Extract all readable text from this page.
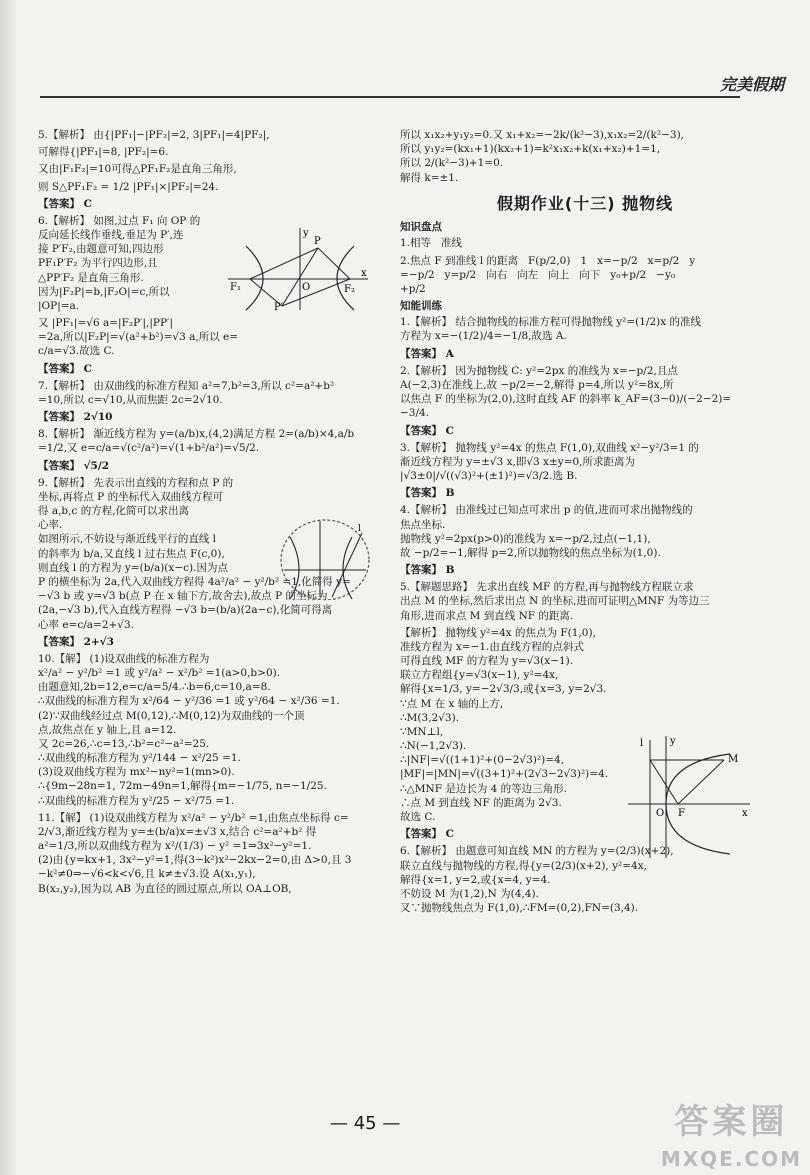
完美假期
5.【解析】 由{|PF₁|−|PF₂|=2, 3|PF₁|=4|PF₂|,
可解得{|PF₁|=8, |PF₂|=6.
又由|F₁F₂|=10可得△PF₁F₂是直角三角形,
则 S△PF₁F₂ = 1/2 |PF₁|×|PF₂|=24.
【答案】 C
6.【解析】 如图,过点 F₁ 向 OP 的
反向延长线作垂线,垂足为 P′,连
接 P′F₂,由题意可知,四边形
PF₁P′F₂ 为平行四边形,且
△PP′F₂ 是直角三角形.
因为|F₂P|=b,|F₂O|=c,所以
|OP|=a.
又 |PF₁|=√6 a=|F₂P′|,|PP′|
=2a,所以|F₂P|=√(a²+b²)=√3 a,所以 e=
c/a=√3.故选 C.
【答案】 C
7.【解析】 由双曲线的标准方程知 a²=7,b²=3,所以 c²=a²+b²
=10,所以 c=√10,从而焦距 2c=2√10.
【答案】 2√10
8.【解析】 渐近线方程为 y=(a/b)x,(4,2)满足方程 2=(a/b)×4,a/b
=1/2,又 e=c/a=√(c²/a²)=√(1+b²/a²)=√5/2.
【答案】 √5/2
9.【解析】 先表示出直线的方程和点 P 的
坐标,再将点 P 的坐标代入双曲线方程可
得 a,b,c 的方程,化简可以求出离
心率.
如图所示,不妨设与渐近线平行的直线 l
的斜率为 b/a,又直线 l 过右焦点 F(c,0),
则直线 l 的方程为 y=(b/a)(x−c).因为点
P 的横坐标为 2a,代入双曲线方程得 4a²/a² − y²/b² =1,化简得 y=
−√3 b 或 y=√3 b(点 P 在 x 轴下方,故舍去),故点 P 的坐标为
(2a,−√3 b),代入直线方程得 −√3 b=(b/a)(2a−c),化简可得离
心率 e=c/a=2+√3.
【答案】 2+√3
10.【解】 (1)设双曲线的标准方程为
x²/a² − y²/b² =1 或 y²/a² − x²/b² =1(a>0,b>0).
由题意知,2b=12,e=c/a=5/4.∴b=6,c=10,a=8.
∴双曲线的标准方程为 x²/64 − y²/36 =1 或 y²/64 − x²/36 =1.
(2)∵双曲线经过点 M(0,12),∴M(0,12)为双曲线的一个顶
点,故焦点在 y 轴上,且 a=12.
又 2c=26,∴c=13,∴b²=c²−a²=25.
∴双曲线的标准方程为 y²/144 − x²/25 =1.
(3)设双曲线方程为 mx²−ny²=1(mn>0).
∴{9m−28n=1, 72m−49n=1,解得{m=−1/75, n=−1/25.
∴双曲线的标准方程为 y²/25 − x²/75 =1.
11.【解】 (1)设双曲线方程为 x²/a² − y²/b² =1,由焦点坐标得 c=
2/√3,渐近线方程为 y=±(b/a)x=±√3 x,结合 c²=a²+b² 得
a²=1/3,所以双曲线方程为 x²/(1/3) − y² =1⇒3x²−y²=1.
(2)由{y=kx+1, 3x²−y²=1,得(3−k²)x²−2kx−2=0,由 Δ>0,且 3
−k²≠0⇒−√6<k<√6,且 k≠±√3.设 A(x₁,y₁),
B(x₂,y₂),因为以 AB 为直径的圆过原点,所以 OA⊥OB,
所以 x₁x₂+y₁y₂=0.又 x₁+x₂=−2k/(k²−3),x₁x₂=2/(k²−3),
所以 y₁y₂=(kx₁+1)(kx₂+1)=k²x₁x₂+k(x₁+x₂)+1=1,
所以 2/(k²−3)+1=0.
解得 k=±1.
假期作业(十三) 抛物线
知识盘点
1.相等   准线
2.焦点 F 到准线 l 的距离   F(p/2,0)   1   x=−p/2   x=p/2   y
=−p/2   y=p/2   向右   向左   向上   向下   y₀+p/2   −y₀
+p/2
知能训练
1.【解析】 结合抛物线的标准方程可得抛物线 y²=(1/2)x 的准线
方程为 x=−(1/2)/4=−1/8,故选 A.
【答案】 A
2.【解析】 因为抛物线 C: y²=2px 的准线为 x=−p/2,且点
A(−2,3)在准线上,故 −p/2=−2,解得 p=4,所以 y²=8x,所
以焦点 F 的坐标为(2,0),这时直线 AF 的斜率 k_AF=(3−0)/(−2−2)=
−3/4.
【答案】 C
3.【解析】 抛物线 y²=4x 的焦点 F(1,0),双曲线 x²−y²/3=1 的
渐近线方程为 y=±√3 x,即√3 x±y=0,所求距离为
|√3±0|/√((√3)²+(±1)²)=√3/2.选 B.
【答案】 B
4.【解析】 由准线过已知点可求出 p 的值,进而可求出抛物线的
焦点坐标.
抛物线 y²=2px(p>0)的准线为 x=−p/2,过点(−1,1),
故 −p/2=−1,解得 p=2,所以抛物线的焦点坐标为(1,0).
【答案】 B
5.【解题思路】 先求出直线 MF 的方程,再与抛物线方程联立求
出点 M 的坐标,然后求出点 N 的坐标,进而可证明△MNF 为等边三
角形,进而求点 M 到直线 NF 的距离.
【解析】 抛物线 y²=4x 的焦点为 F(1,0),
准线方程为 x=−1.由直线方程的点斜式
可得直线 MF 的方程为 y=√3(x−1).
联立方程组{y=√3(x−1), y²=4x,
解得{x=1/3, y=−2√3/3,或{x=3, y=2√3.
∵点 M 在 x 轴的上方,
∴M(3,2√3).
∵MN⊥l,
∴N(−1,2√3).
∴|NF|=√((1+1)²+(0−2√3)²)=4,
|MF|=|MN|=√((3+1)²+(2√3−2√3)²)=4.
∴△MNF 是边长为 4 的等边三角形.
∴点 M 到直线 NF 的距离为 2√3.
故选 C.
【答案】 C
6.【解析】 由题意可知直线 MN 的方程为 y=(2/3)(x+2),
联立直线与抛物线的方程,得{y=(2/3)(x+2), y²=4x,
解得{x=1, y=2,或{x=4, y=4.
不妨设 M 为(1,2),N 为(4,4).
又∵抛物线焦点为 F(1,0),∴FM=(0,2),FN=(3,4).
F₁	F₂
P
P′
O
x
y
l
l	y
M
O F	x
— 45 —	答案圈
MXQE.COM
